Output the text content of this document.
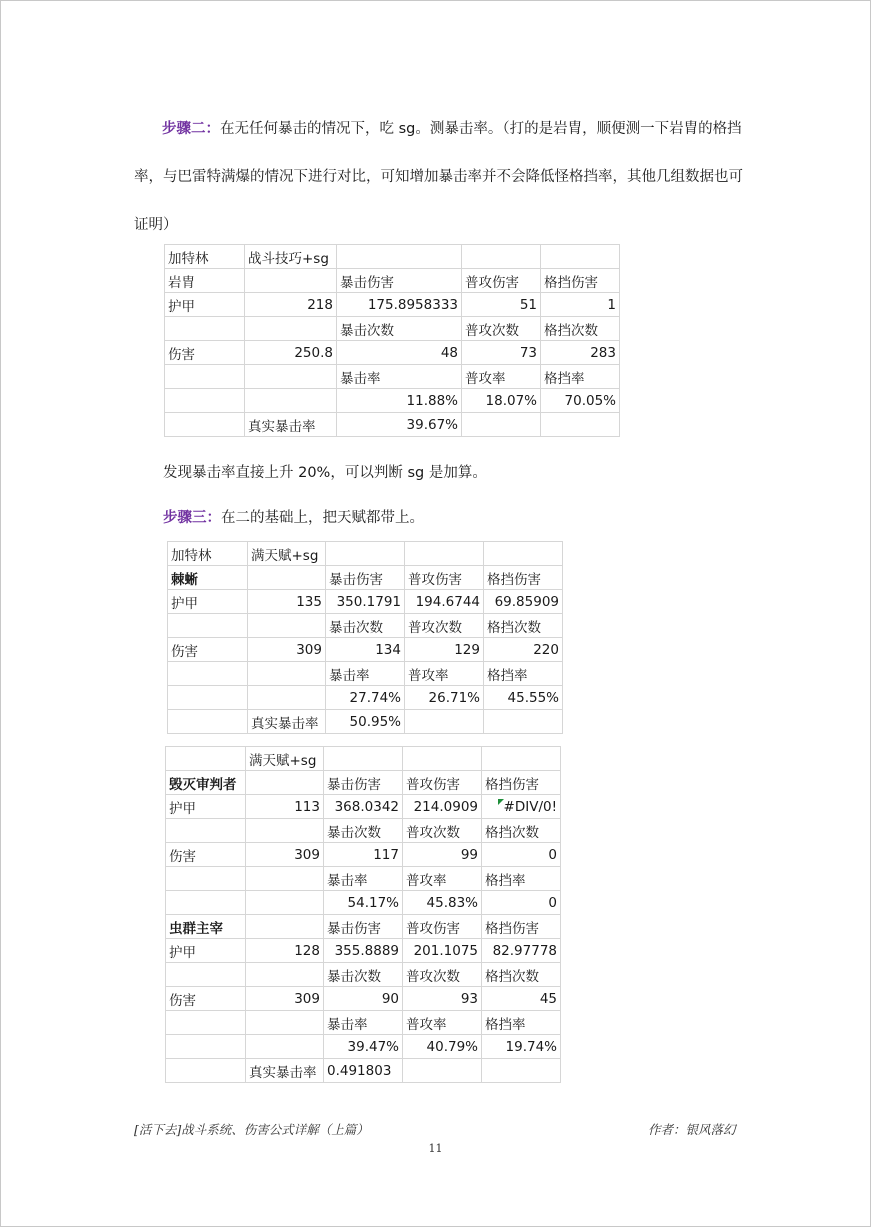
步骤二：在无任何暴击的情况下，吃 sg。测暴击率。（打的是岩胄，顺便测一下岩胄的格挡率，与巴雷特满爆的情况下进行对比，可知增加暴击率并不会降低怪格挡率，其他几组数据也可证明）

加特林	战斗技巧+sg			
岩胄		暴击伤害	普攻伤害	格挡伤害
护甲	218	175.8958333	51	1
		暴击次数	普攻次数	格挡次数
伤害	250.8	48	73	283
		暴击率	普攻率	格挡率
		11.88%	18.07%	70.05%
	真实暴击率	39.67%		

发现暴击率直接上升 20%，可以判断 sg 是加算。

步骤三：在二的基础上，把天赋都带上。

加特林	满天赋+sg			
棘蜥		暴击伤害	普攻伤害	格挡伤害
护甲	135	350.1791	194.6744	69.85909
		暴击次数	普攻次数	格挡次数
伤害	309	134	129	220
		暴击率	普攻率	格挡率
		27.74%	26.71%	45.55%
	真实暴击率	50.95%		
	满天赋+sg			
毁灭审判者		暴击伤害	普攻伤害	格挡伤害
护甲	113	368.0342	214.0909	#DIV/0!
		暴击次数	普攻次数	格挡次数
伤害	309	117	99	0
		暴击率	普攻率	格挡率
		54.17%	45.83%	0
虫群主宰		暴击伤害	普攻伤害	格挡伤害
护甲	128	355.8889	201.1075	82.97778
		暴击次数	普攻次数	格挡次数
伤害	309	90	93	45
		暴击率	普攻率	格挡率
		39.47%	40.79%	19.74%
	真实暴击率	0.491803		
[活下去]战斗系统、伤害公式详解（上篇）	作者：银风落幻
11
